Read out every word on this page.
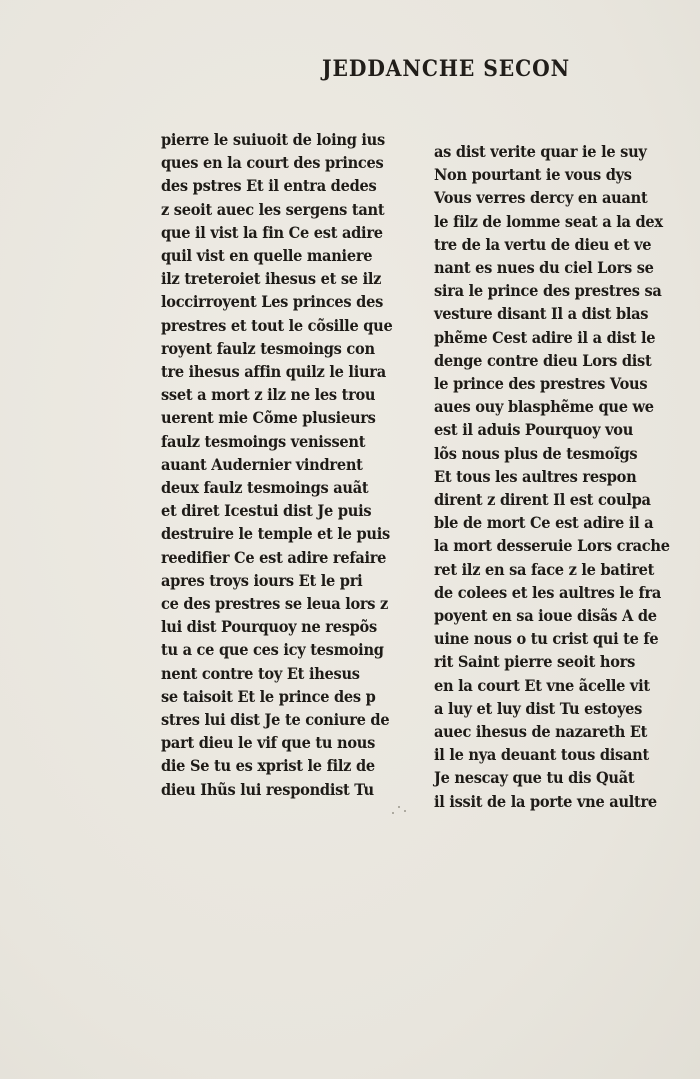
JEDDANCHE SECON
pierre le suiuoit de loing ius
ques en la court des princes
des pstres Et il entra dedes
z seoit auec les sergens tant
que il vist la fin Ce est adire
quil vist en quelle maniere
ilz treteroiet ihesus et se ilz
loccirroyent Les princes des
prestres et tout le cõsille que
royent faulz tesmoings con
tre ihesus affin quilz le liura
sset a mort z ilz ne les trou
uerent mie Cõme plusieurs
faulz tesmoings venissent
auant Audernier vindrent
deux faulz tesmoings auãt
et diret Icestui dist Je puis
destruire le temple et le puis
reedifier Ce est adire refaire
apres troys iours Et le pri
ce des prestres se leua lors z
lui dist Pourquoy ne respõs
tu a ce que ces icy tesmoing
nent contre toy Et ihesus
se taisoit Et le prince des p
stres lui dist Je te coniure de
part dieu le vif que tu nous
die Se tu es xprist le filz de
dieu Ihũs lui respondist Tu
as dist verite quar ie le suy
Non pourtant ie vous dys
Vous verres dercy en auant
le filz de lomme seat a la dex
tre de la vertu de dieu et ve
nant es nues du ciel Lors se
sira le prince des prestres sa
vesture disant Il a dist blas
phẽme Cest adire il a dist le
denge contre dieu Lors dist
le prince des prestres Vous
aues ouy blasphẽme que we
est il aduis Pourquoy vou
lõs nous plus de tesmoĩgs
Et tous les aultres respon
dirent z dirent Il est coulpa
ble de mort Ce est adire il a
la mort desseruie Lors crache
ret ilz en sa face z le batiret
de colees et les aultres le fra
poyent en sa ioue disãs A de
uine nous o tu crist qui te fe
rit Saint pierre seoit hors
en la court Et vne ãcelle vit
a luy et luy dist Tu estoyes
auec ihesus de nazareth Et
il le nya deuant tous disant
Je nescay que tu dis Quãt
il issit de la porte vne aultre
